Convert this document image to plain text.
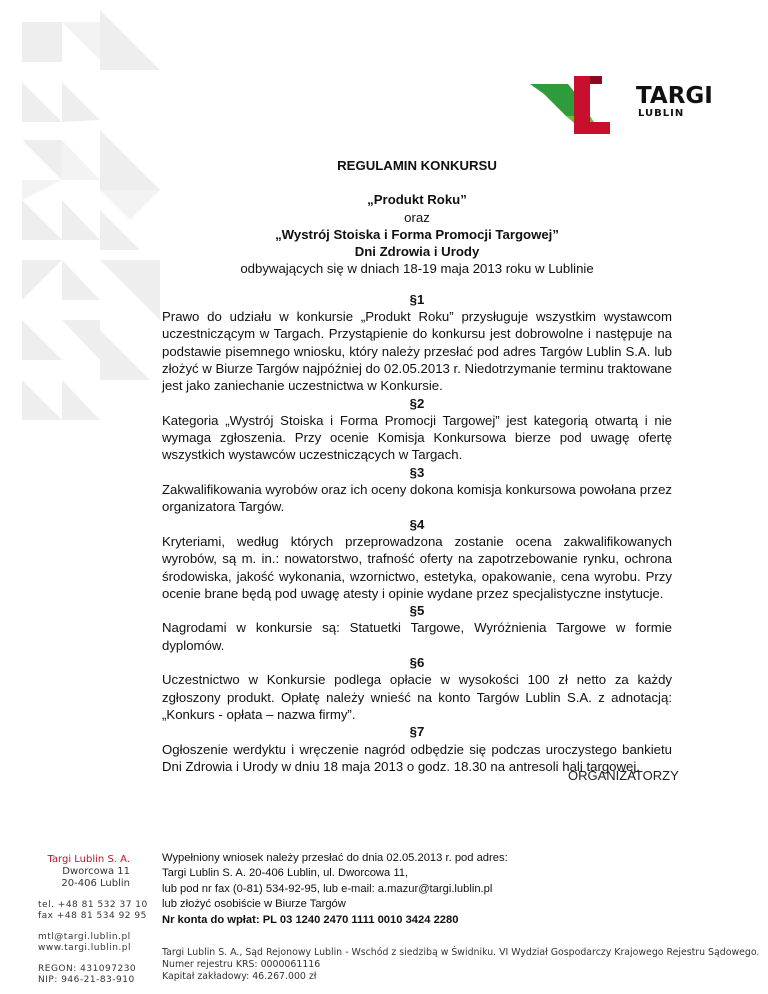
TARGI
LUBLIN
REGULAMIN KONKURSU
„Produkt Roku”
oraz
„Wystrój Stoiska i Forma Promocji Targowej”
Dni Zdrowia i Urody
odbywających się w dniach 18-19 maja 2013 roku w Lublinie
§1
Prawo do udziału w konkursie „Produkt Roku” przysługuje wszystkim wystawcom uczestniczącym w Targach. Przystąpienie do konkursu jest dobrowolne i następuje na podstawie pisemnego wniosku, który należy przesłać pod adres Targów Lublin S.A. lub złożyć w Biurze Targów najpóźniej do 02.05.2013 r. Niedotrzymanie terminu traktowane jest jako zaniechanie uczestnictwa w Konkursie.
§2
Kategoria „Wystrój Stoiska i Forma Promocji Targowej” jest kategorią otwartą i nie wymaga zgłoszenia. Przy ocenie Komisja Konkursowa bierze pod uwagę ofertę wszystkich wystawców uczestniczących w Targach.
§3
Zakwalifikowania wyrobów oraz ich oceny dokona komisja konkursowa powołana przez organizatora Targów.
§4
Kryteriami, według których przeprowadzona zostanie ocena zakwalifikowanych wyrobów, są m. in.: nowatorstwo, trafność oferty na zapotrzebowanie rynku, ochrona środowiska, jakość wykonania, wzornictwo, estetyka, opakowanie, cena wyrobu. Przy ocenie brane będą pod uwagę atesty i opinie wydane przez specjalistyczne instytucje.
§5
Nagrodami w konkursie są: Statuetki Targowe, Wyróżnienia Targowe w formie dyplomów.
§6
Uczestnictwo w Konkursie podlega opłacie w wysokości 100 zł netto za każdy zgłoszony produkt. Opłatę należy wnieść na konto Targów Lublin S.A. z adnotacją: „Konkurs - opłata – nazwa firmy”.
§7
Ogłoszenie werdyktu i wręczenie nagród odbędzie się podczas uroczystego bankietu Dni Zdrowia i Urody w dniu 18 maja 2013 o godz. 18.30 na antresoli hali targowej.
ORGANIZATORZY
Targi Lublin S. A.
Dworcowa 11
20-406 Lublin
tel. +48 81 532 37 10
fax +48 81 534 92 95
mtl@targi.lublin.pl
www.targi.lublin.pl
REGON: 431097230
NIP: 946-21-83-910
Wypełniony wniosek należy przesłać do dnia 02.05.2013 r. pod adres:
Targi Lublin S. A. 20-406 Lublin, ul. Dworcowa 11,
lub pod nr fax (0-81) 534-92-95, lub e-mail: a.mazur@targi.lublin.pl
lub złożyć osobiście w Biurze Targów
Nr konta do wpłat: PL 03 1240 2470 1111 0010 3424 2280
Targi Lublin S. A., Sąd Rejonowy Lublin - Wschód z siedzibą w Świdniku. VI Wydział Gospodarczy Krajowego Rejestru Sądowego.
Numer rejestru KRS: 0000061116
Kapitał zakładowy: 46.267.000 zł
